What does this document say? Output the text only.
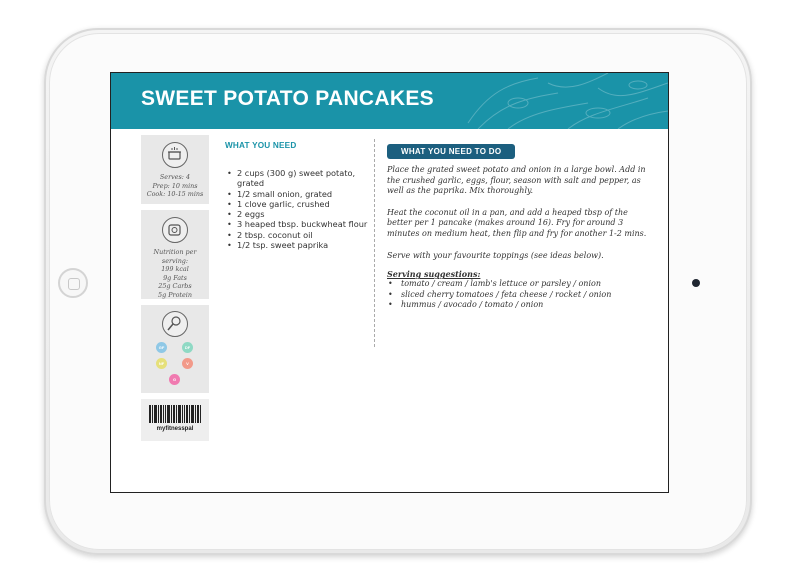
SWEET POTATO PANCAKES
Serves: 4
Prep: 10 mins
Cook: 10-15 mins
Nutrition per serving:
199 kcal
9g Fats
25g Carbs
5g Protein
GF	DF
NF	V
G
myfitnesspal
WHAT YOU NEED
• 2 cups (300 g) sweet potato, grated
• 1/2 small onion, grated
• 1 clove garlic, crushed
• 2 eggs
• 3 heaped tbsp. buckwheat flour
• 2 tbsp. coconut oil
• 1/2 tsp. sweet paprika
WHAT YOU NEED TO DO

Place the grated sweet potato and onion in a large bowl. Add in the crushed garlic, eggs, flour, season with salt and pepper, as well as the paprika. Mix thoroughly.

Heat the coconut oil in a pan, and add a heaped tbsp of the better per 1 pancake (makes around 16). Fry for around 3 minutes on medium heat, then flip and fry for another 1-2 mins.

Serve with your favourite toppings (see ideas below).

Serving suggestions:
• tomato / cream / lamb's lettuce or parsley / onion
• sliced cherry tomatoes / feta cheese / rocket / onion
• hummus / avocado / tomato / onion
